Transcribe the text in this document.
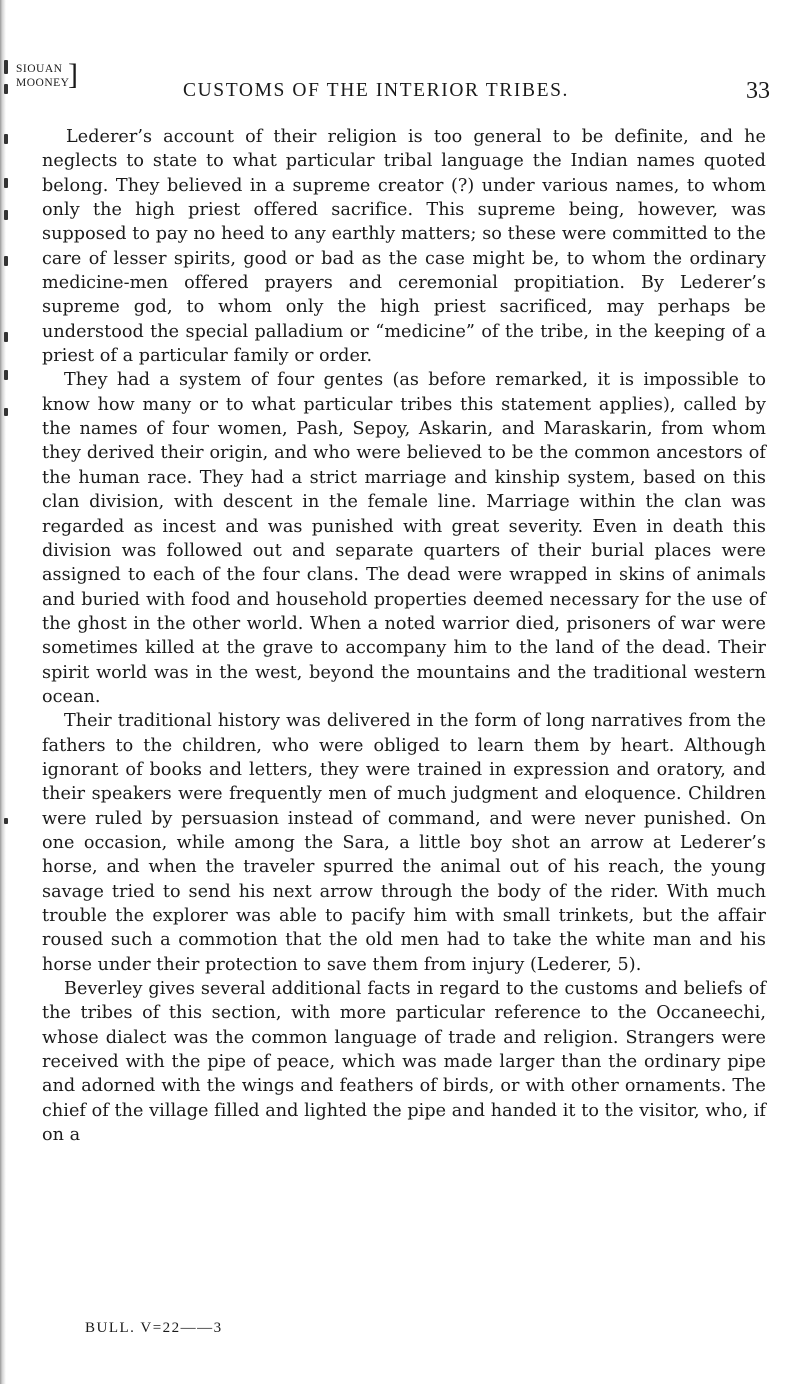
SIOUAN
MOONEY
]	CUSTOMS OF THE INTERIOR TRIBES.	33

Lederer’s account of their religion is too general to be definite, and he neglects to state to what particular tribal language the Indian names quoted belong. They believed in a supreme creator (?) under various names, to whom only the high priest offered sacrifice. This supreme being, however, was supposed to pay no heed to any earthly matters; so these were committed to the care of lesser spirits, good or bad as the case might be, to whom the ordinary medicine-men offered prayers and ceremonial propitiation. By Lederer’s supreme god, to whom only the high priest sacrificed, may perhaps be understood the special palladium or “medicine” of the tribe, in the keeping of a priest of a particular family or order.

They had a system of four gentes (as before remarked, it is impossible to know how many or to what particular tribes this statement applies), called by the names of four women, Pash, Sepoy, Askarin, and Maraskarin, from whom they derived their origin, and who were believed to be the common ancestors of the human race. They had a strict marriage and kinship system, based on this clan division, with descent in the female line. Marriage within the clan was regarded as incest and was punished with great severity. Even in death this division was followed out and separate quarters of their burial places were assigned to each of the four clans. The dead were wrapped in skins of animals and buried with food and household properties deemed necessary for the use of the ghost in the other world. When a noted warrior died, prisoners of war were sometimes killed at the grave to accompany him to the land of the dead. Their spirit world was in the west, beyond the mountains and the traditional western ocean.

Their traditional history was delivered in the form of long narratives from the fathers to the children, who were obliged to learn them by heart. Although ignorant of books and letters, they were trained in expression and oratory, and their speakers were frequently men of much judgment and eloquence. Children were ruled by persuasion instead of command, and were never punished. On one occasion, while among the Sara, a little boy shot an arrow at Lederer’s horse, and when the traveler spurred the animal out of his reach, the young savage tried to send his next arrow through the body of the rider. With much trouble the explorer was able to pacify him with small trinkets, but the affair roused such a commotion that the old men had to take the white man and his horse under their protection to save them from injury (Lederer, 5).

Beverley gives several additional facts in regard to the customs and beliefs of the tribes of this section, with more particular reference to the Occaneechi, whose dialect was the common language of trade and religion. Strangers were received with the pipe of peace, which was made larger than the ordinary pipe and adorned with the wings and feathers of birds, or with other ornaments. The chief of the village filled and lighted the pipe and handed it to the visitor, who, if on a

BULL. V=22——3
